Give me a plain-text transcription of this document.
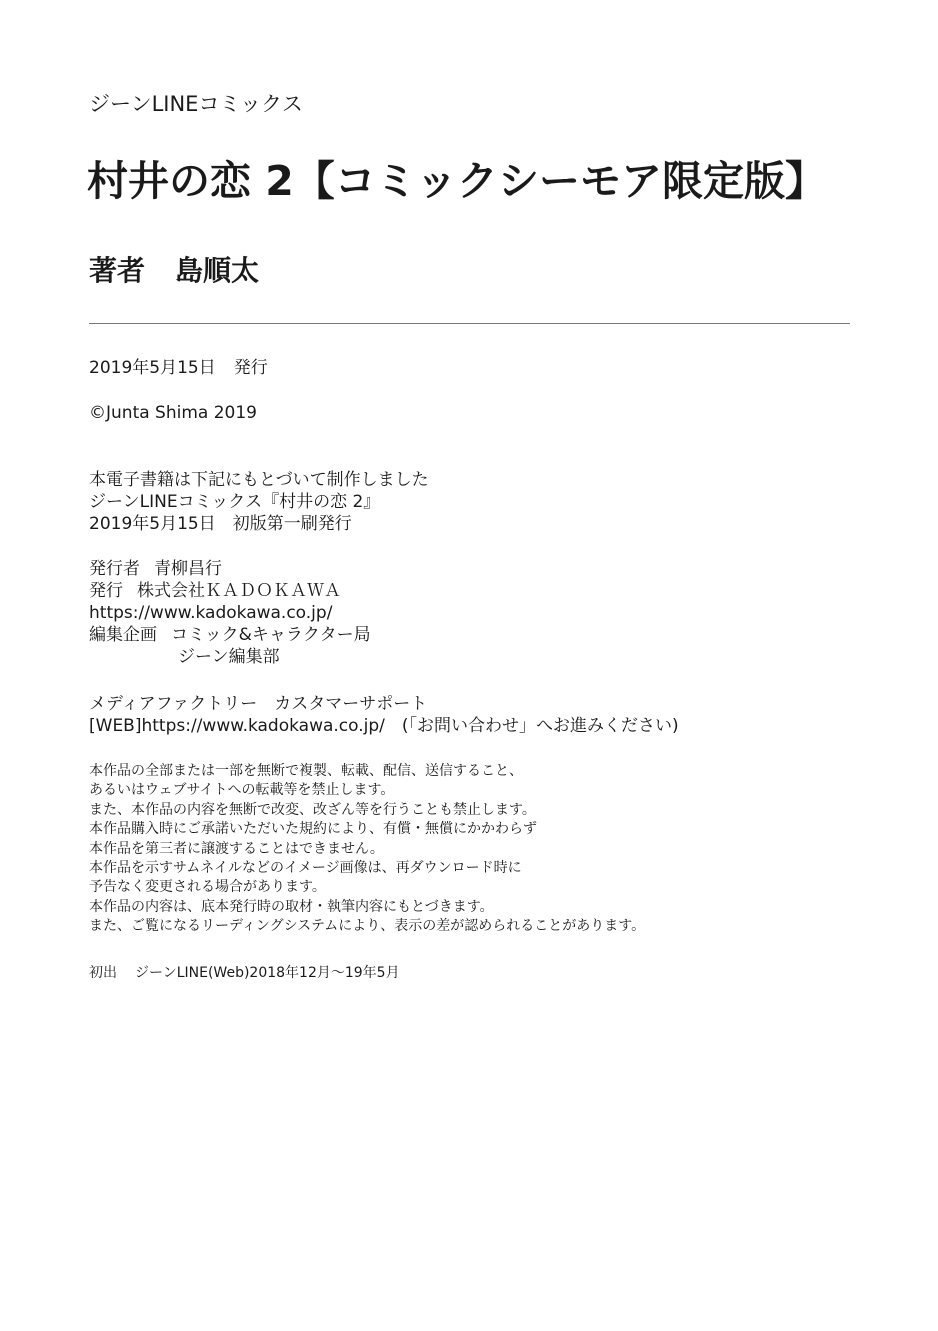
ジーンLINEコミックス
村井の恋 2【コミックシーモア限定版】
著者 島順太
2019年5月15日 発行
©Junta Shima 2019
本電子書籍は下記にもとづいて制作しました
ジーンLINEコミックス『村井の恋 2』
2019年5月15日　初版第一刷発行
発行者 青柳昌行
発行 株式会社ＫＡＤＯＫＡＷＡ
https://www.kadokawa.co.jp/
編集企画 コミック&キャラクター局
ジーン編集部
メディアファクトリー　カスタマーサポート
[WEB]https://www.kadokawa.co.jp/　(「お問い合わせ」へお進みください)
本作品の全部または一部を無断で複製、転載、配信、送信すること、
あるいはウェブサイトへの転載等を禁止します。
また、本作品の内容を無断で改変、改ざん等を行うことも禁止します。
本作品購入時にご承諾いただいた規約により、有償・無償にかかわらず
本作品を第三者に譲渡することはできません。
本作品を示すサムネイルなどのイメージ画像は、再ダウンロード時に
予告なく変更される場合があります。
本作品の内容は、底本発行時の取材・執筆内容にもとづきます。
また、ご覧になるリーディングシステムにより、表示の差が認められることがあります。
初出 ジーンLINE(Web)2018年12月〜19年5月
